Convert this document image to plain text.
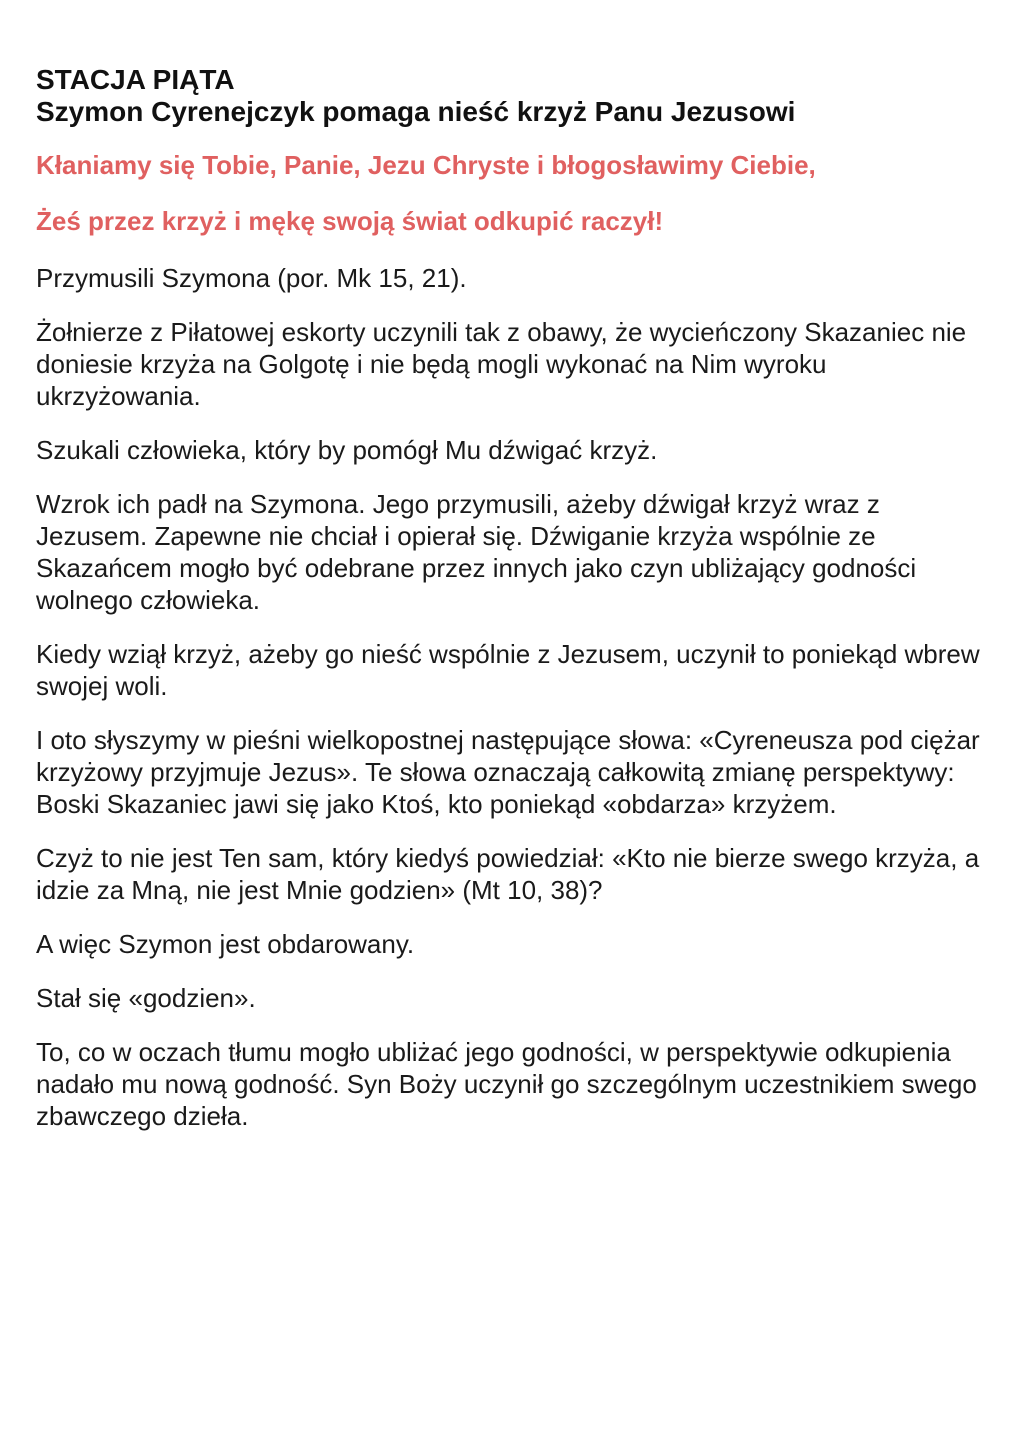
STACJA PIĄTA
Szymon Cyrenejczyk pomaga nieść krzyż Panu Jezusowi

Kłaniamy się Tobie, Panie, Jezu Chryste i błogosławimy Ciebie,

Żeś przez krzyż i mękę swoją świat odkupić raczył!

Przymusili Szymona (por. Mk 15, 21).

Żołnierze z Piłatowej eskorty uczynili tak z obawy, że wycieńczony Skazaniec nie doniesie krzyża na Golgotę i nie będą mogli wykonać na Nim wyroku ukrzyżowania.

Szukali człowieka, który by pomógł Mu dźwigać krzyż.

Wzrok ich padł na Szymona. Jego przymusili, ażeby dźwigał krzyż wraz z Jezusem. Zapewne nie chciał i opierał się. Dźwiganie krzyża wspólnie ze Skazańcem mogło być odebrane przez innych jako czyn ubliżający godności wolnego człowieka.

Kiedy wziął krzyż, ażeby go nieść wspólnie z Jezusem, uczynił to poniekąd wbrew swojej woli.

I oto słyszymy w pieśni wielkopostnej następujące słowa: «Cyreneusza pod ciężar krzyżowy przyjmuje Jezus». Te słowa oznaczają całkowitą zmianę perspektywy: Boski Skazaniec jawi się jako Ktoś, kto poniekąd «obdarza» krzyżem.

Czyż to nie jest Ten sam, który kiedyś powiedział: «Kto nie bierze swego krzyża, a idzie za Mną, nie jest Mnie godzien» (Mt 10, 38)?

A więc Szymon jest obdarowany.

Stał się «godzien».

To, co w oczach tłumu mogło ubliżać jego godności, w perspektywie odkupienia nadało mu nową godność. Syn Boży uczynił go szczególnym uczestnikiem swego zbawczego dzieła.
